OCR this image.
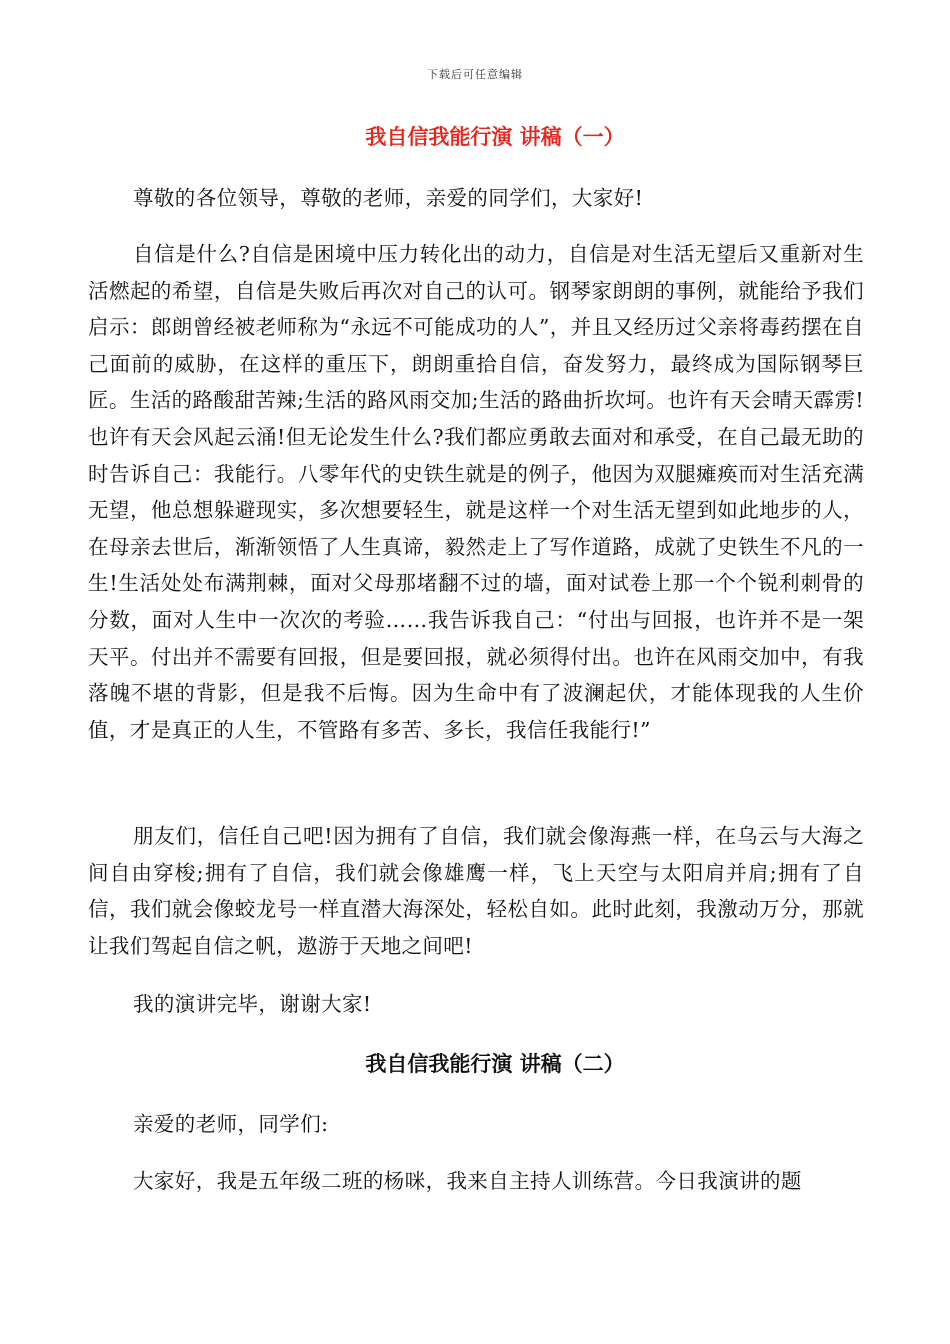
下载后可任意编辑
我自信我能行演 讲稿（一）

尊敬的各位领导，尊敬的老师，亲爱的同学们，大家好!

自信是什么?自信是困境中压力转化出的动力，自信是对生活无望后又重新对生活燃起的希望，自信是失败后再次对自己的认可。钢琴家朗朗的事例，就能给予我们启示：郎朗曾经被老师称为“永远不可能成功的人”，并且又经历过父亲将毒药摆在自己面前的威胁，在这样的重压下，朗朗重拾自信，奋发努力，最终成为国际钢琴巨匠。生活的路酸甜苦辣;生活的路风雨交加;生活的路曲折坎坷。也许有天会晴天霹雳!也许有天会风起云涌!但无论发生什么?我们都应勇敢去面对和承受，在自己最无助的时告诉自己：我能行。八零年代的史铁生就是的例子，他因为双腿瘫痪而对生活充满无望，他总想躲避现实，多次想要轻生，就是这样一个对生活无望到如此地步的人，在母亲去世后，渐渐领悟了人生真谛，毅然走上了写作道路，成就了史铁生不凡的一生!生活处处布满荆棘，面对父母那堵翻不过的墙，面对试卷上那一个个锐利刺骨的分数，面对人生中一次次的考验……我告诉我自己：“付出与回报，也许并不是一架天平。付出并不需要有回报，但是要回报，就必须得付出。也许在风雨交加中，有我落魄不堪的背影，但是我不后悔。因为生命中有了波澜起伏，才能体现我的人生价值，才是真正的人生，不管路有多苦、多长，我信任我能行!”

朋友们，信任自己吧!因为拥有了自信，我们就会像海燕一样，在乌云与大海之间自由穿梭;拥有了自信，我们就会像雄鹰一样，飞上天空与太阳肩并肩;拥有了自信，我们就会像蛟龙号一样直潜大海深处，轻松自如。此时此刻，我激动万分，那就让我们驾起自信之帆，遨游于天地之间吧!

我的演讲完毕，谢谢大家!

我自信我能行演 讲稿（二）

亲爱的老师，同学们:

大家好，我是五年级二班的杨咪，我来自主持人训练营。今日我演讲的题
